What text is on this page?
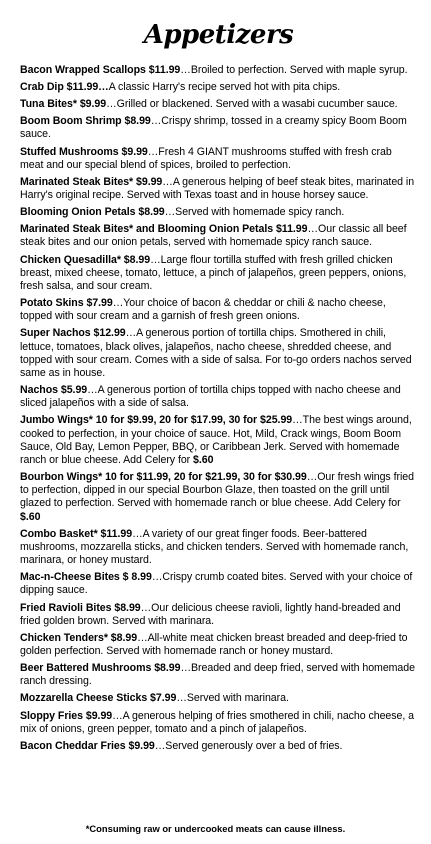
Appetizers
Bacon Wrapped Scallops $11.99…Broiled to perfection. Served with maple syrup.
Crab Dip $11.99…A classic Harry's recipe served hot with pita chips.
Tuna Bites* $9.99…Grilled or blackened. Served with a wasabi cucumber sauce.
Boom Boom Shrimp $8.99…Crispy shrimp, tossed in a creamy spicy Boom Boom sauce.
Stuffed Mushrooms $9.99…Fresh 4 GIANT mushrooms stuffed with fresh crab meat and our special blend of spices, broiled to perfection.
Marinated Steak Bites* $9.99…A generous helping of beef steak bites, marinated in Harry's original recipe. Served with Texas toast and in house horsey sauce.
Blooming Onion Petals $8.99…Served with homemade spicy ranch.
Marinated Steak Bites* and Blooming Onion Petals $11.99…Our classic all beef steak bites and our onion petals, served with homemade spicy ranch sauce.
Chicken Quesadilla* $8.99…Large flour tortilla stuffed with fresh grilled chicken breast, mixed cheese, tomato, lettuce, a pinch of jalapeños, green peppers, onions, fresh salsa, and sour cream.
Potato Skins $7.99…Your choice of bacon & cheddar or chili & nacho cheese, topped with sour cream and a garnish of fresh green onions.
Super Nachos $12.99…A generous portion of tortilla chips. Smothered in chili, lettuce, tomatoes, black olives, jalapeños, nacho cheese, shredded cheese, and topped with sour cream. Comes with a side of salsa. For to-go orders nachos served same as in house.
Nachos $5.99…A generous portion of tortilla chips topped with nacho cheese and sliced jalapeños with a side of salsa.
Jumbo Wings* 10 for $9.99, 20 for $17.99, 30 for $25.99…The best wings around, cooked to perfection, in your choice of sauce. Hot, Mild, Crack wings, Boom Boom Sauce, Old Bay, Lemon Pepper, BBQ, or Caribbean Jerk. Served with homemade ranch or blue cheese. Add Celery for $.60
Bourbon Wings* 10 for $11.99, 20 for $21.99, 30 for $30.99…Our fresh wings fried to perfection, dipped in our special Bourbon Glaze, then toasted on the grill until glazed to perfection. Served with homemade ranch or blue cheese. Add Celery for $.60
Combo Basket* $11.99…A variety of our great finger foods. Beer-battered mushrooms, mozzarella sticks, and chicken tenders. Served with homemade ranch, marinara, or honey mustard.
Mac-n-Cheese Bites $ 8.99…Crispy crumb coated bites. Served with your choice of dipping sauce.
Fried Ravioli Bites $8.99…Our delicious cheese ravioli, lightly hand-breaded and fried golden brown. Served with marinara.
Chicken Tenders* $8.99…All-white meat chicken breast breaded and deep-fried to golden perfection. Served with homemade ranch or honey mustard.
Beer Battered Mushrooms $8.99…Breaded and deep fried, served with homemade ranch dressing.
Mozzarella Cheese Sticks $7.99…Served with marinara.
Sloppy Fries $9.99…A generous helping of fries smothered in chili, nacho cheese, a mix of onions, green pepper, tomato and a pinch of jalapeños.
Bacon Cheddar Fries $9.99…Served generously over a bed of fries.
*Consuming raw or undercooked meats can cause illness.
